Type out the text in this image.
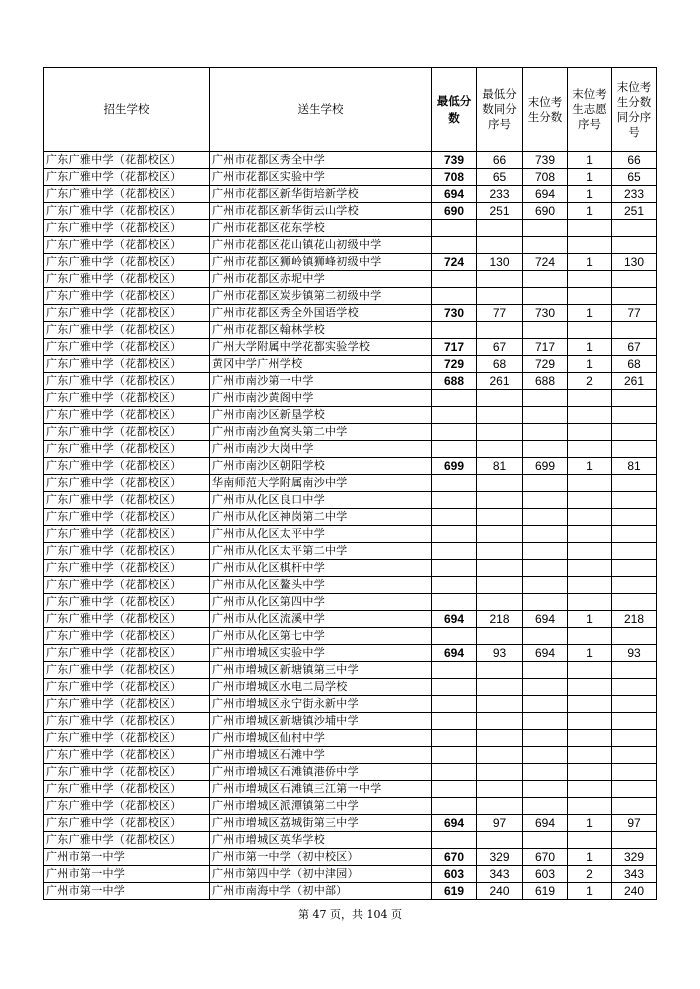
招生学校	送生学校	最低分数	最低分数同分序号	末位考生分数	末位考生志愿序号	末位考生分数同分序号
广东广雅中学（花都校区）	广州市花都区秀全中学	739	66	739	1	66
广东广雅中学（花都校区）	广州市花都区实验中学	708	65	708	1	65
广东广雅中学（花都校区）	广州市花都区新华街培新学校	694	233	694	1	233
广东广雅中学（花都校区）	广州市花都区新华街云山学校	690	251	690	1	251
广东广雅中学（花都校区）	广州市花都区花东学校					
广东广雅中学（花都校区）	广州市花都区花山镇花山初级中学					
广东广雅中学（花都校区）	广州市花都区狮岭镇狮峰初级中学	724	130	724	1	130
广东广雅中学（花都校区）	广州市花都区赤坭中学					
广东广雅中学（花都校区）	广州市花都区炭步镇第二初级中学					
广东广雅中学（花都校区）	广州市花都区秀全外国语学校	730	77	730	1	77
广东广雅中学（花都校区）	广州市花都区翰林学校					
广东广雅中学（花都校区）	广州大学附属中学花都实验学校	717	67	717	1	67
广东广雅中学（花都校区）	黄冈中学广州学校	729	68	729	1	68
广东广雅中学（花都校区）	广州市南沙第一中学	688	261	688	2	261
广东广雅中学（花都校区）	广州市南沙黄阁中学					
广东广雅中学（花都校区）	广州市南沙区新垦学校					
广东广雅中学（花都校区）	广州市南沙鱼窝头第二中学					
广东广雅中学（花都校区）	广州市南沙大岗中学					
广东广雅中学（花都校区）	广州市南沙区朝阳学校	699	81	699	1	81
广东广雅中学（花都校区）	华南师范大学附属南沙中学					
广东广雅中学（花都校区）	广州市从化区良口中学					
广东广雅中学（花都校区）	广州市从化区神岗第二中学					
广东广雅中学（花都校区）	广州市从化区太平中学					
广东广雅中学（花都校区）	广州市从化区太平第二中学					
广东广雅中学（花都校区）	广州市从化区棋杆中学					
广东广雅中学（花都校区）	广州市从化区鳌头中学					
广东广雅中学（花都校区）	广州市从化区第四中学					
广东广雅中学（花都校区）	广州市从化区流溪中学	694	218	694	1	218
广东广雅中学（花都校区）	广州市从化区第七中学					
广东广雅中学（花都校区）	广州市增城区实验中学	694	93	694	1	93
广东广雅中学（花都校区）	广州市增城区新塘镇第三中学					
广东广雅中学（花都校区）	广州市增城区水电二局学校					
广东广雅中学（花都校区）	广州市增城区永宁街永新中学					
广东广雅中学（花都校区）	广州市增城区新塘镇沙埔中学					
广东广雅中学（花都校区）	广州市增城区仙村中学					
广东广雅中学（花都校区）	广州市增城区石滩中学					
广东广雅中学（花都校区）	广州市增城区石滩镇港侨中学					
广东广雅中学（花都校区）	广州市增城区石滩镇三江第一中学					
广东广雅中学（花都校区）	广州市增城区派潭镇第二中学					
广东广雅中学（花都校区）	广州市增城区荔城街第三中学	694	97	694	1	97
广东广雅中学（花都校区）	广州市增城区英华学校					
广州市第一中学	广州市第一中学（初中校区）	670	329	670	1	329
广州市第一中学	广州市第四中学（初中津园）	603	343	603	2	343
广州市第一中学	广州市南海中学（初中部）	619	240	619	1	240
第 47 页，共 104 页
